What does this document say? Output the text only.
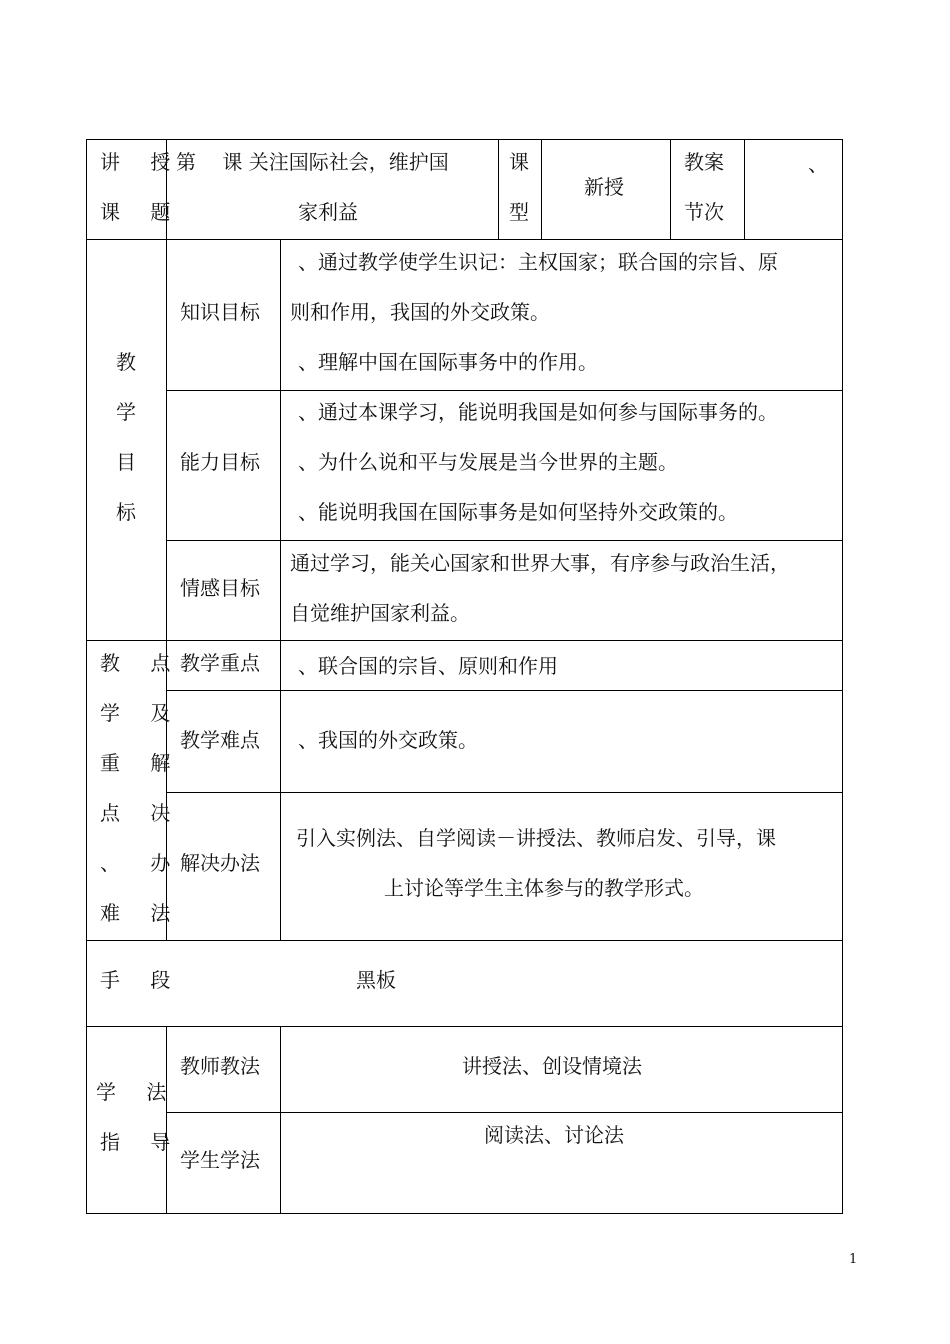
讲 授
课 题
第　 课 关注国际社会，维护国
家利益
课
型
新授
教案
节次
、
教
学
目
标
知识目标
、通过教学使学生识记：主权国家；联合国的宗旨、原
则和作用，我国的外交政策。
、理解中国在国际事务中的作用。
能力目标
、通过本课学习，能说明我国是如何参与国际事务的。
、为什么说和平与发展是当今世界的主题。
、能说明我国在国际事务是如何坚持外交政策的。
情感目标
通过学习，能关心国家和世界大事，有序参与政治生活，
自觉维护国家利益。
教 点
学 及
重 解
点 决
、 办
难 法
教学重点 、联合国的宗旨、原则和作用
教学难点 、我国的外交政策。
解决办法
引入实例法、自学阅读－讲授法、教师启发、引导，课
上讨论等学生主体参与的教学形式。
手 段	黑板
学 法
指 导
教师教法	讲授法、创设情境法
学生学法
阅读法、讨论法
1
